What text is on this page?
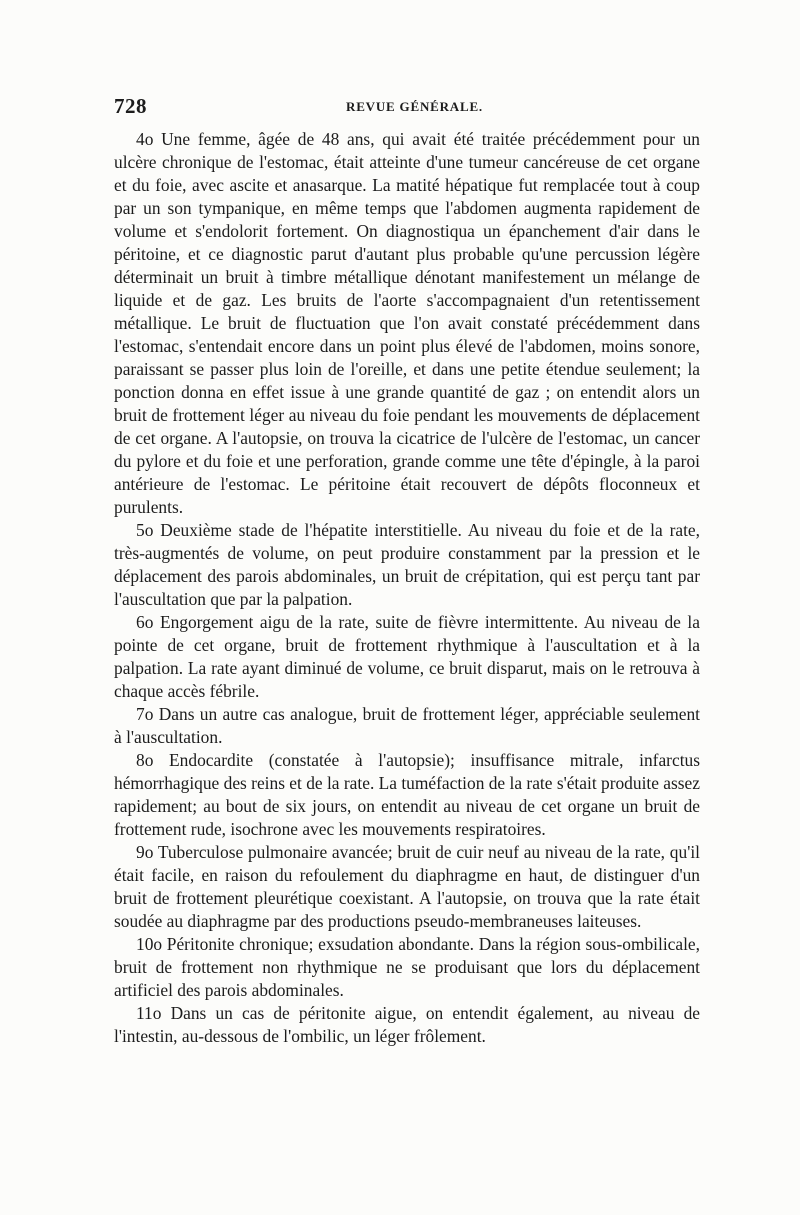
728	REVUE GÉNÉRALE.

4o Une femme, âgée de 48 ans, qui avait été traitée précédemment pour un ulcère chronique de l'estomac, était atteinte d'une tumeur cancéreuse de cet organe et du foie, avec ascite et anasarque. La matité hépatique fut remplacée tout à coup par un son tympanique, en même temps que l'abdomen augmenta rapidement de volume et s'endolorit fortement. On diagnostiqua un épanchement d'air dans le péritoine, et ce diagnostic parut d'autant plus probable qu'une percussion légère déterminait un bruit à timbre métallique dénotant manifestement un mélange de liquide et de gaz. Les bruits de l'aorte s'accompagnaient d'un retentissement métallique. Le bruit de fluctuation que l'on avait constaté précédemment dans l'estomac, s'entendait encore dans un point plus élevé de l'abdomen, moins sonore, paraissant se passer plus loin de l'oreille, et dans une petite étendue seulement; la ponction donna en effet issue à une grande quantité de gaz ; on entendit alors un bruit de frottement léger au niveau du foie pendant les mouvements de déplacement de cet organe. A l'autopsie, on trouva la cicatrice de l'ulcère de l'estomac, un cancer du pylore et du foie et une perforation, grande comme une tête d'épingle, à la paroi antérieure de l'estomac. Le péritoine était recouvert de dépôts floconneux et purulents.

5o Deuxième stade de l'hépatite interstitielle. Au niveau du foie et de la rate, très-augmentés de volume, on peut produire constamment par la pression et le déplacement des parois abdominales, un bruit de crépitation, qui est perçu tant par l'auscultation que par la palpation.

6o Engorgement aigu de la rate, suite de fièvre intermittente. Au niveau de la pointe de cet organe, bruit de frottement rhythmique à l'auscultation et à la palpation. La rate ayant diminué de volume, ce bruit disparut, mais on le retrouva à chaque accès fébrile.

7o Dans un autre cas analogue, bruit de frottement léger, appréciable seulement à l'auscultation.

8o Endocardite (constatée à l'autopsie); insuffisance mitrale, infarctus hémorrhagique des reins et de la rate. La tuméfaction de la rate s'était produite assez rapidement; au bout de six jours, on entendit au niveau de cet organe un bruit de frottement rude, isochrone avec les mouvements respiratoires.

9o Tuberculose pulmonaire avancée; bruit de cuir neuf au niveau de la rate, qu'il était facile, en raison du refoulement du diaphragme en haut, de distinguer d'un bruit de frottement pleurétique coexistant. A l'autopsie, on trouva que la rate était soudée au diaphragme par des productions pseudo-membraneuses laiteuses.

10o Péritonite chronique; exsudation abondante. Dans la région sous-ombilicale, bruit de frottement non rhythmique ne se produisant que lors du déplacement artificiel des parois abdominales.

11o Dans un cas de péritonite aigue, on entendit également, au niveau de l'intestin, au-dessous de l'ombilic, un léger frôlement.
